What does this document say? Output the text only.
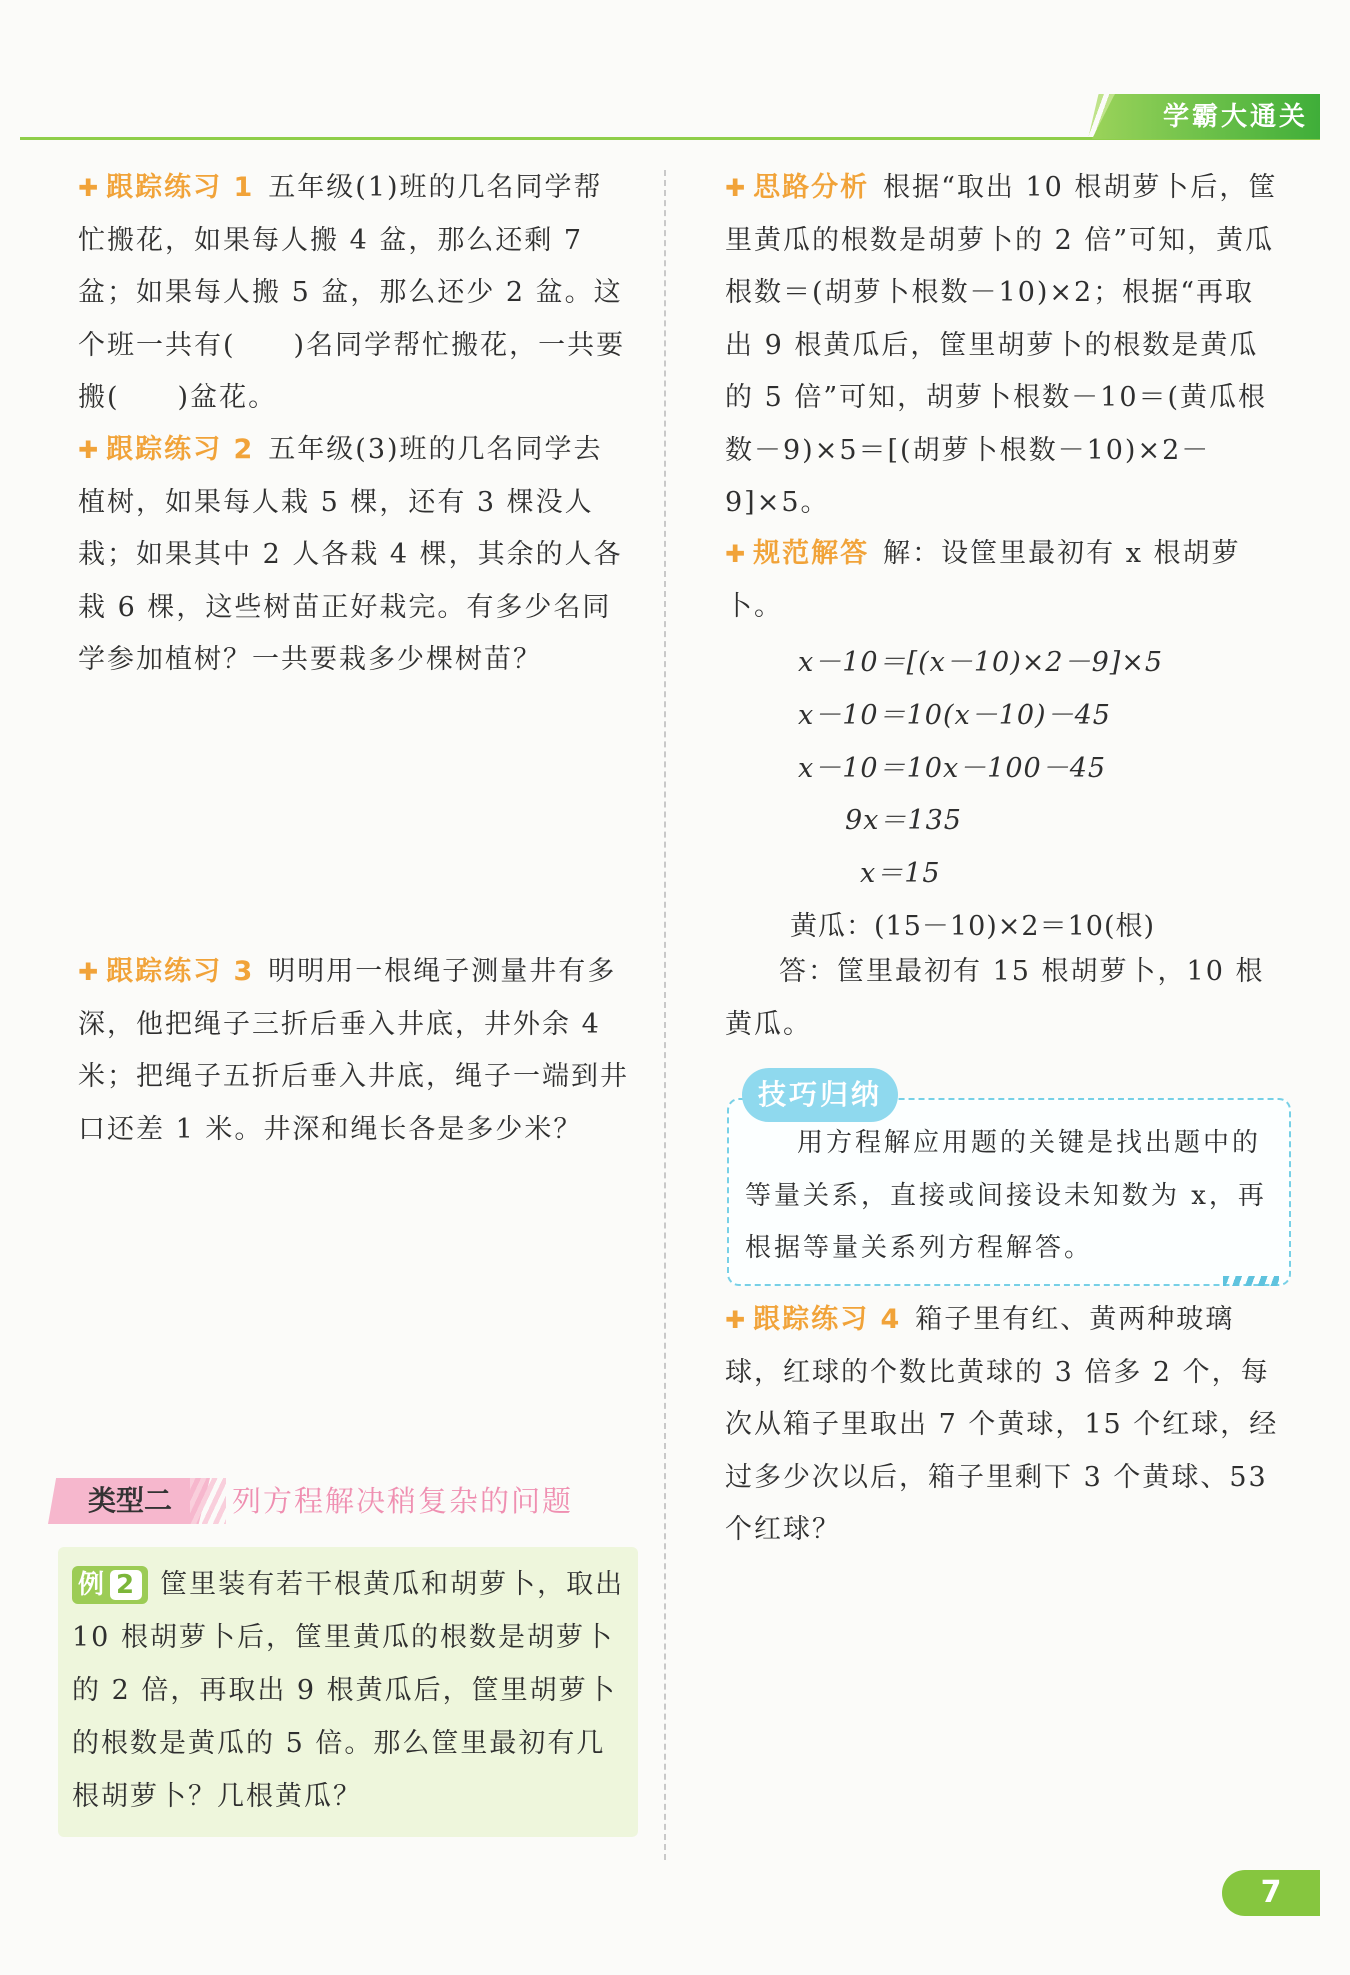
学霸大通关
✚ 跟踪练习 1 五年级(1)班的几名同学帮忙搬花，如果每人搬 4 盆，那么还剩 7 盆；如果每人搬 5 盆，那么还少 2 盆。这个班一共有(　　)名同学帮忙搬花，一共要搬(　　)盆花。
✚ 跟踪练习 2 五年级(3)班的几名同学去植树，如果每人栽 5 棵，还有 3 棵没人栽；如果其中 2 人各栽 4 棵，其余的人各栽 6 棵，这些树苗正好栽完。有多少名同学参加植树？一共要栽多少棵树苗？
✚ 跟踪练习 3 明明用一根绳子测量井有多深，他把绳子三折后垂入井底，井外余 4 米；把绳子五折后垂入井底，绳子一端到井口还差 1 米。井深和绳长各是多少米？
类型二	列方程解决稍复杂的问题
例 2 筐里装有若干根黄瓜和胡萝卜，取出 10 根胡萝卜后，筐里黄瓜的根数是胡萝卜的 2 倍，再取出 9 根黄瓜后，筐里胡萝卜的根数是黄瓜的 5 倍。那么筐里最初有几根胡萝卜？几根黄瓜？
✚ 思路分析 根据“取出 10 根胡萝卜后，筐里黄瓜的根数是胡萝卜的 2 倍”可知，黄瓜根数＝(胡萝卜根数－10)×2；根据“再取出 9 根黄瓜后，筐里胡萝卜的根数是黄瓜的 5 倍”可知，胡萝卜根数－10＝(黄瓜根数－9)×5＝[(胡萝卜根数－10)×2－9]×5。
✚ 规范解答 解：设筐里最初有 x 根胡萝卜。
x－10＝[(x－10)×2－9]×5
x－10＝10(x－10)－45
x－10＝10x－100－45
9x＝135
x＝15
黄瓜：(15－10)×2＝10(根)
答：筐里最初有 15 根胡萝卜，10 根黄瓜。
技巧归纳
用方程解应用题的关键是找出题中的等量关系，直接或间接设未知数为 x，再根据等量关系列方程解答。
✚ 跟踪练习 4 箱子里有红、黄两种玻璃球，红球的个数比黄球的 3 倍多 2 个，每次从箱子里取出 7 个黄球，15 个红球，经过多少次以后，箱子里剩下 3 个黄球、53 个红球？
7
